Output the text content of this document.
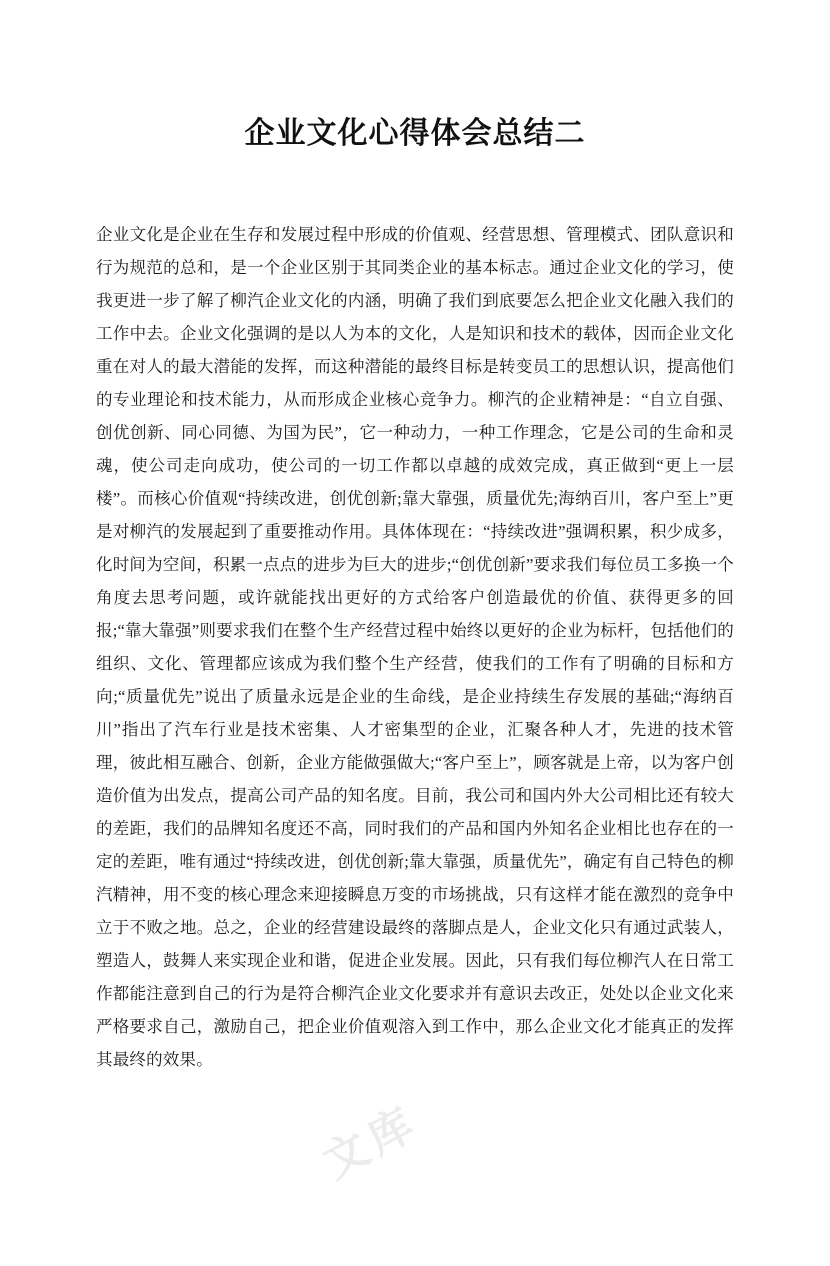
企业文化心得体会总结二

企业文化是企业在生存和发展过程中形成的价值观、经营思想、管理模式、团队意识和行为规范的总和，是一个企业区别于其同类企业的基本标志。通过企业文化的学习，使我更进一步了解了柳汽企业文化的内涵，明确了我们到底要怎么把企业文化融入我们的工作中去。企业文化强调的是以人为本的文化，人是知识和技术的载体，因而企业文化重在对人的最大潜能的发挥，而这种潜能的最终目标是转变员工的思想认识，提高他们的专业理论和技术能力，从而形成企业核心竞争力。柳汽的企业精神是：“自立自强、创优创新、同心同德、为国为民”，它一种动力，一种工作理念，它是公司的生命和灵魂，使公司走向成功，使公司的一切工作都以卓越的成效完成，真正做到“更上一层楼”。而核心价值观“持续改进，创优创新;靠大靠强，质量优先;海纳百川，客户至上”更是对柳汽的发展起到了重要推动作用。具体体现在：“持续改进”强调积累，积少成多，化时间为空间，积累一点点的进步为巨大的进步;“创优创新”要求我们每位员工多换一个角度去思考问题，或许就能找出更好的方式给客户创造最优的价值、获得更多的回报;“靠大靠强”则要求我们在整个生产经营过程中始终以更好的企业为标杆，包括他们的组织、文化、管理都应该成为我们整个生产经营，使我们的工作有了明确的目标和方向;“质量优先”说出了质量永远是企业的生命线，是企业持续生存发展的基础;“海纳百川”指出了汽车行业是技术密集、人才密集型的企业，汇聚各种人才，先进的技术管理，彼此相互融合、创新，企业方能做强做大;“客户至上”，顾客就是上帝，以为客户创造价值为出发点，提高公司产品的知名度。目前，我公司和国内外大公司相比还有较大的差距，我们的品牌知名度还不高，同时我们的产品和国内外知名企业相比也存在的一定的差距，唯有通过“持续改进，创优创新;靠大靠强，质量优先”，确定有自己特色的柳汽精神，用不变的核心理念来迎接瞬息万变的市场挑战，只有这样才能在激烈的竞争中立于不败之地。总之，企业的经营建设最终的落脚点是人，企业文化只有通过武装人，塑造人，鼓舞人来实现企业和谐，促进企业发展。因此，只有我们每位柳汽人在日常工作都能注意到自己的行为是符合柳汽企业文化要求并有意识去改正，处处以企业文化来严格要求自己，激励自己，把企业价值观溶入到工作中，那么企业文化才能真正的发挥其最终的效果。

文库
